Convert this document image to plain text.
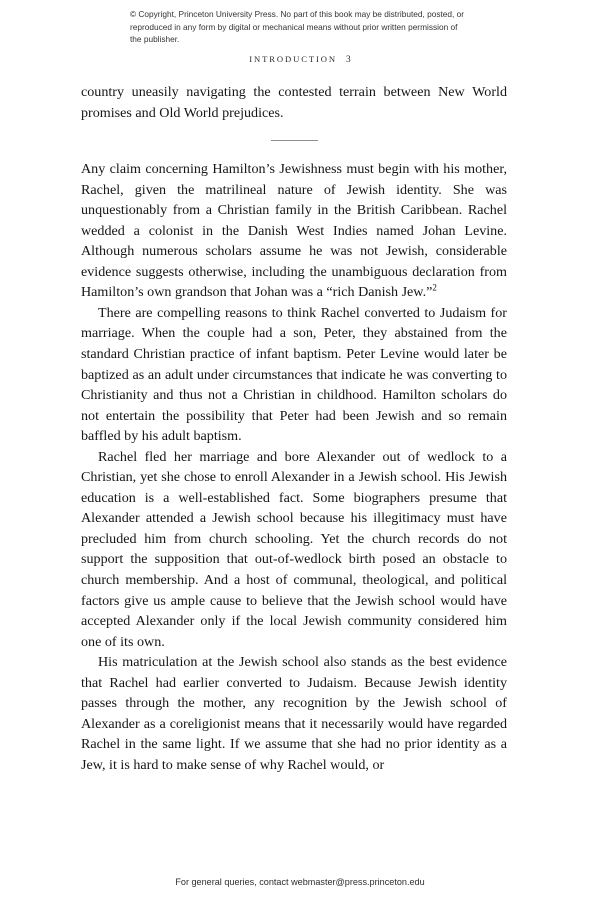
© Copyright, Princeton University Press. No part of this book may be distributed, posted, or reproduced in any form by digital or mechanical means without prior written permission of the publisher.
INTRODUCTION 3

country uneasily navigating the contested terrain between New World promises and Old World prejudices.

Any claim concerning Hamilton’s Jewishness must begin with his mother, Rachel, given the matrilineal nature of Jewish identity. She was unquestionably from a Christian family in the British Caribbean. Rachel wedded a colonist in the Danish West Indies named Johan Levine. Although numerous scholars assume he was not Jewish, considerable evidence suggests otherwise, including the unambiguous declaration from Hamilton’s own grandson that Johan was a “rich Danish Jew.”$^2$

There are compelling reasons to think Rachel converted to Judaism for marriage. When the couple had a son, Peter, they abstained from the standard Christian practice of infant baptism. Peter Levine would later be baptized as an adult under circumstances that indicate he was converting to Christianity and thus not a Christian in childhood. Hamilton scholars do not entertain the possibility that Peter had been Jewish and so remain baffled by his adult baptism.

Rachel fled her marriage and bore Alexander out of wedlock to a Christian, yet she chose to enroll Alexander in a Jewish school. His Jewish education is a well-established fact. Some biographers presume that Alexander attended a Jewish school because his illegitimacy must have precluded him from church schooling. Yet the church records do not support the supposition that out-of-wedlock birth posed an obstacle to church membership. And a host of communal, theological, and political factors give us ample cause to believe that the Jewish school would have accepted Alexander only if the local Jewish community considered him one of its own.

His matriculation at the Jewish school also stands as the best evidence that Rachel had earlier converted to Judaism. Because Jewish identity passes through the mother, any recognition by the Jewish school of Alexander as a coreligionist means that it necessarily would have regarded Rachel in the same light. If we assume that she had no prior identity as a Jew, it is hard to make sense of why Rachel would, or

For general queries, contact webmaster@press.princeton.edu
